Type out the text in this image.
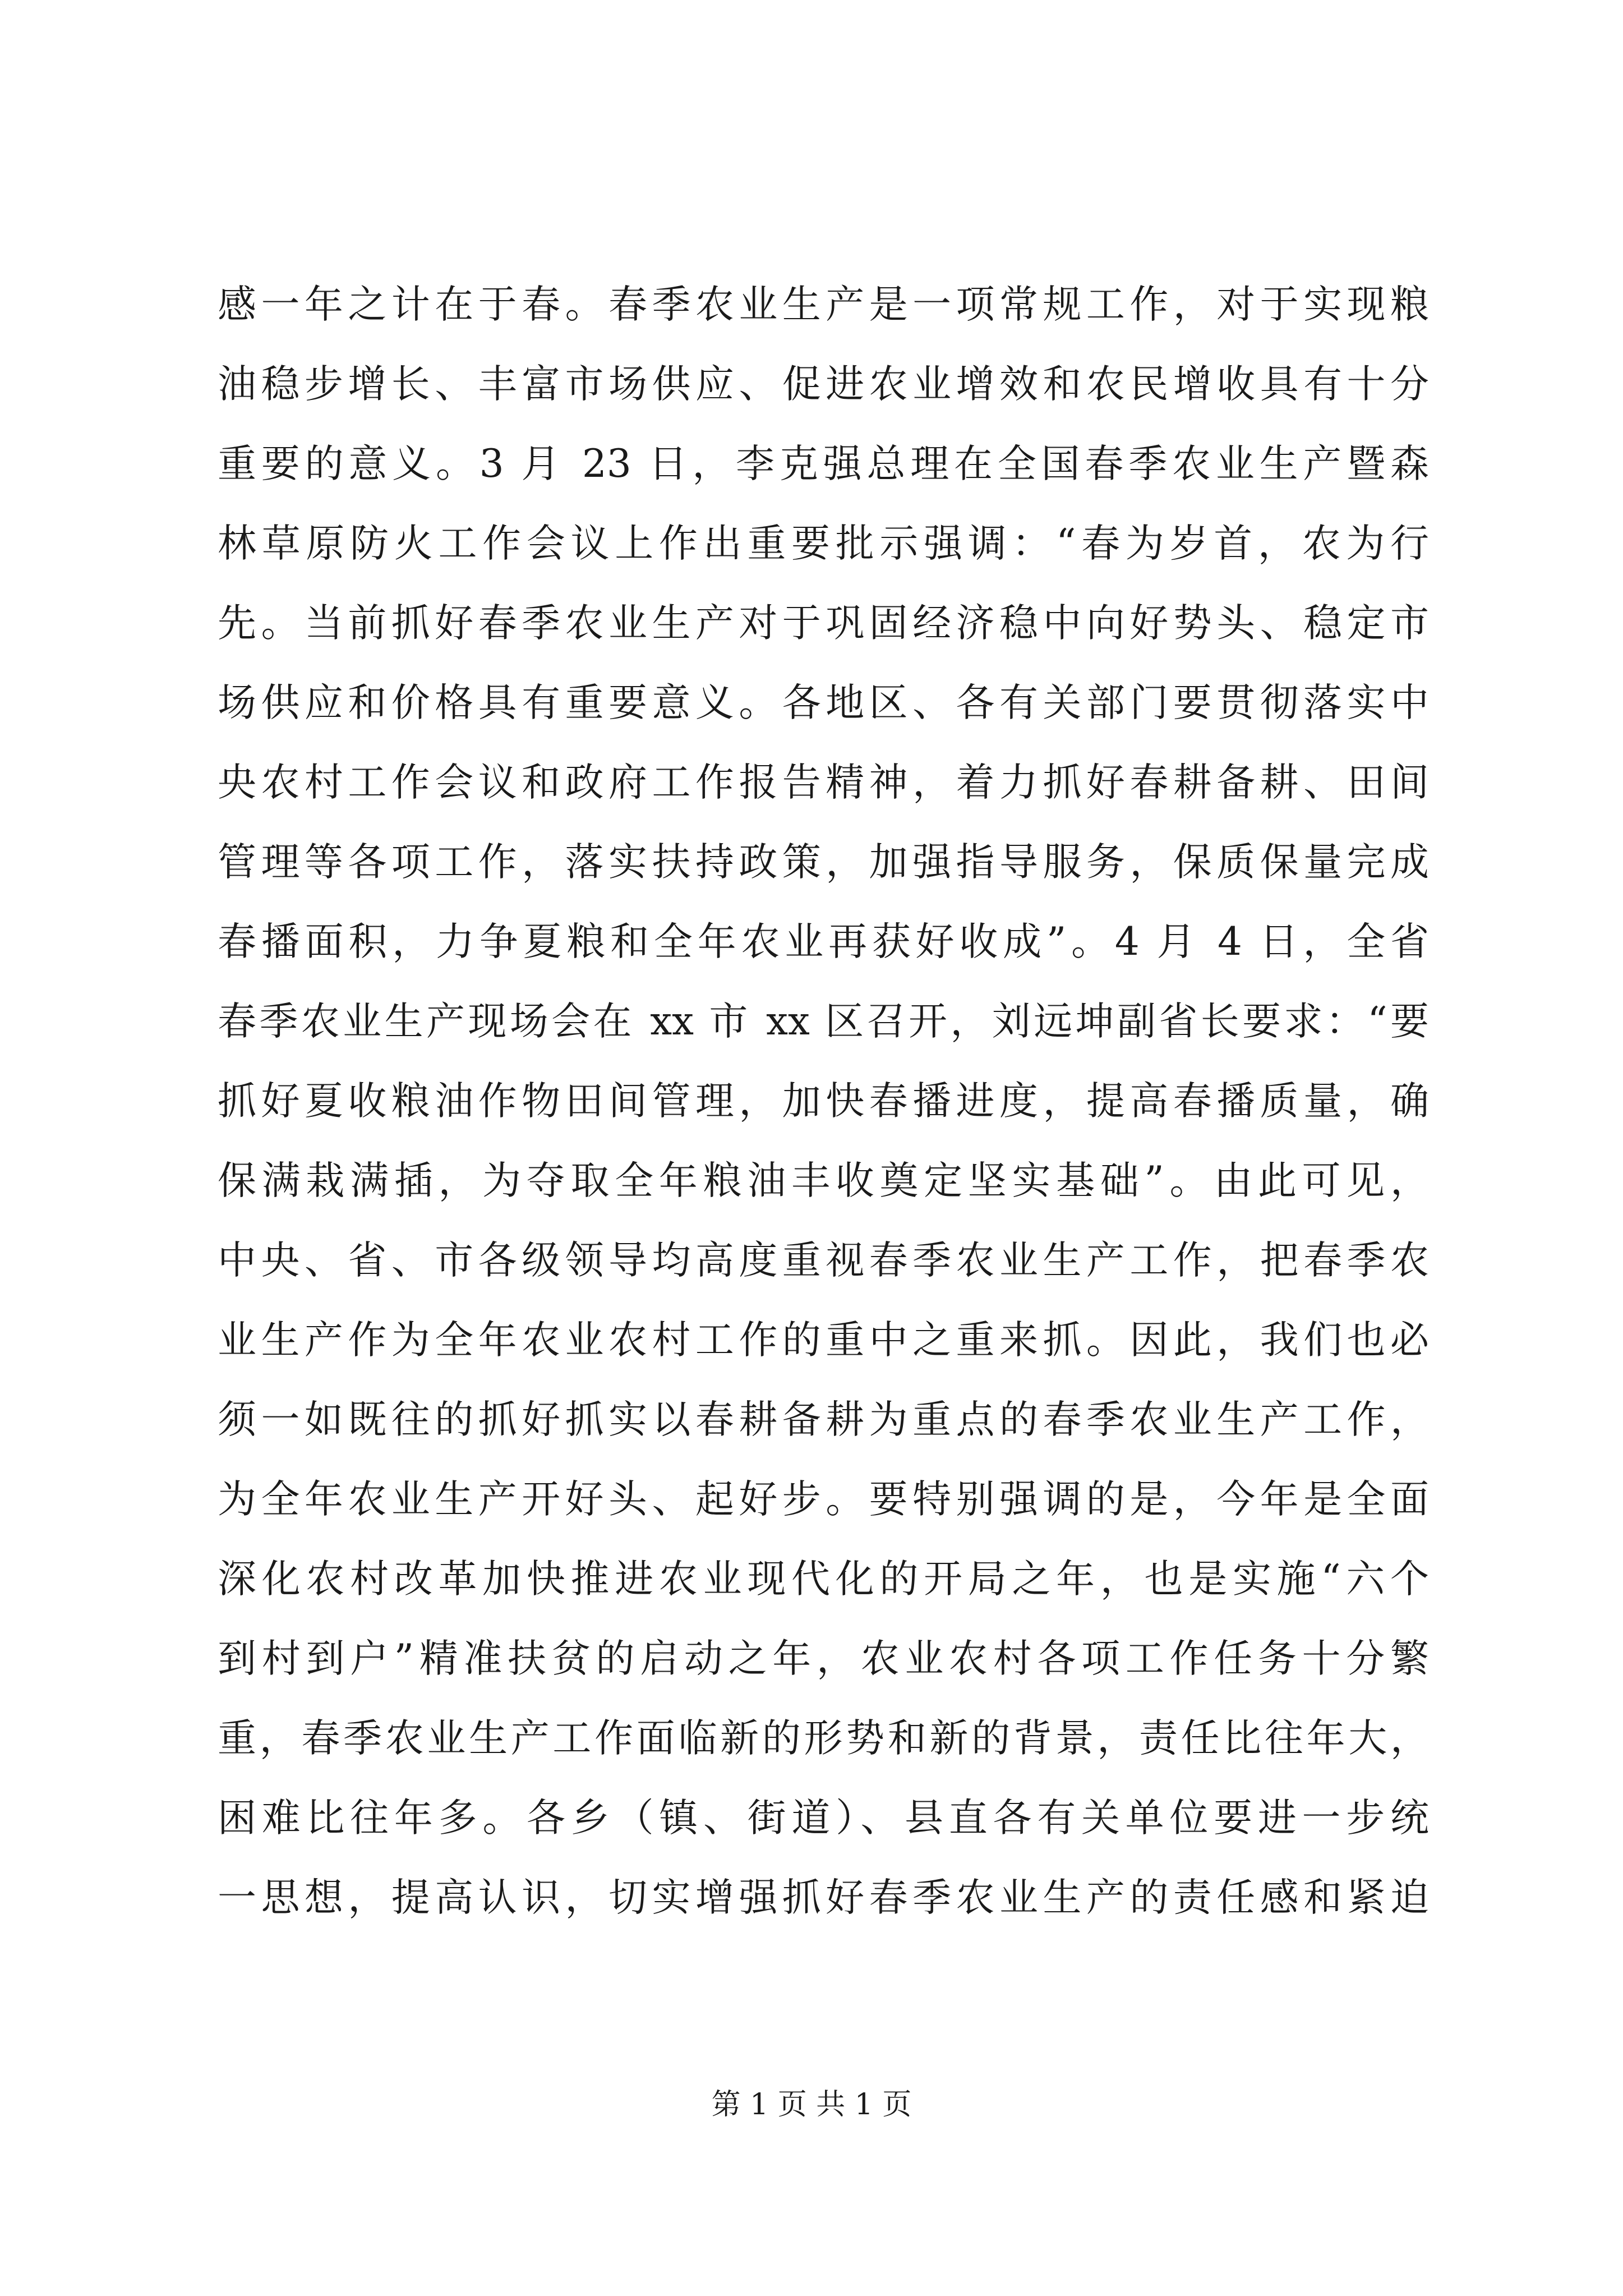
感一年之计在于春。春季农业生产是一项常规工作，对于实现粮
油稳步增长、丰富市场供应、促进农业增效和农民增收具有十分
重要的意义。3 月 23 日，李克强总理在全国春季农业生产暨森
林草原防火工作会议上作出重要批示强调：“春为岁首，农为行
先。当前抓好春季农业生产对于巩固经济稳中向好势头、稳定市
场供应和价格具有重要意义。各地区、各有关部门要贯彻落实中
央农村工作会议和政府工作报告精神，着力抓好春耕备耕、田间
管理等各项工作，落实扶持政策，加强指导服务，保质保量完成
春播面积，力争夏粮和全年农业再获好收成”。4 月 4 日，全省
春季农业生产现场会在 xx 市 xx 区召开，刘远坤副省长要求：“要
抓好夏收粮油作物田间管理，加快春播进度，提高春播质量，确
保满栽满插，为夺取全年粮油丰收奠定坚实基础”。由此可见，
中央、省、市各级领导均高度重视春季农业生产工作，把春季农
业生产作为全年农业农村工作的重中之重来抓。因此，我们也必
须一如既往的抓好抓实以春耕备耕为重点的春季农业生产工作，
为全年农业生产开好头、起好步。要特别强调的是，今年是全面
深化农村改革加快推进农业现代化的开局之年，也是实施“六个
到村到户”精准扶贫的启动之年，农业农村各项工作任务十分繁
重，春季农业生产工作面临新的形势和新的背景，责任比往年大，
困难比往年多。各乡（镇、街道）、县直各有关单位要进一步统
一思想，提高认识，切实增强抓好春季农业生产的责任感和紧迫
第 1 页 共 1 页
